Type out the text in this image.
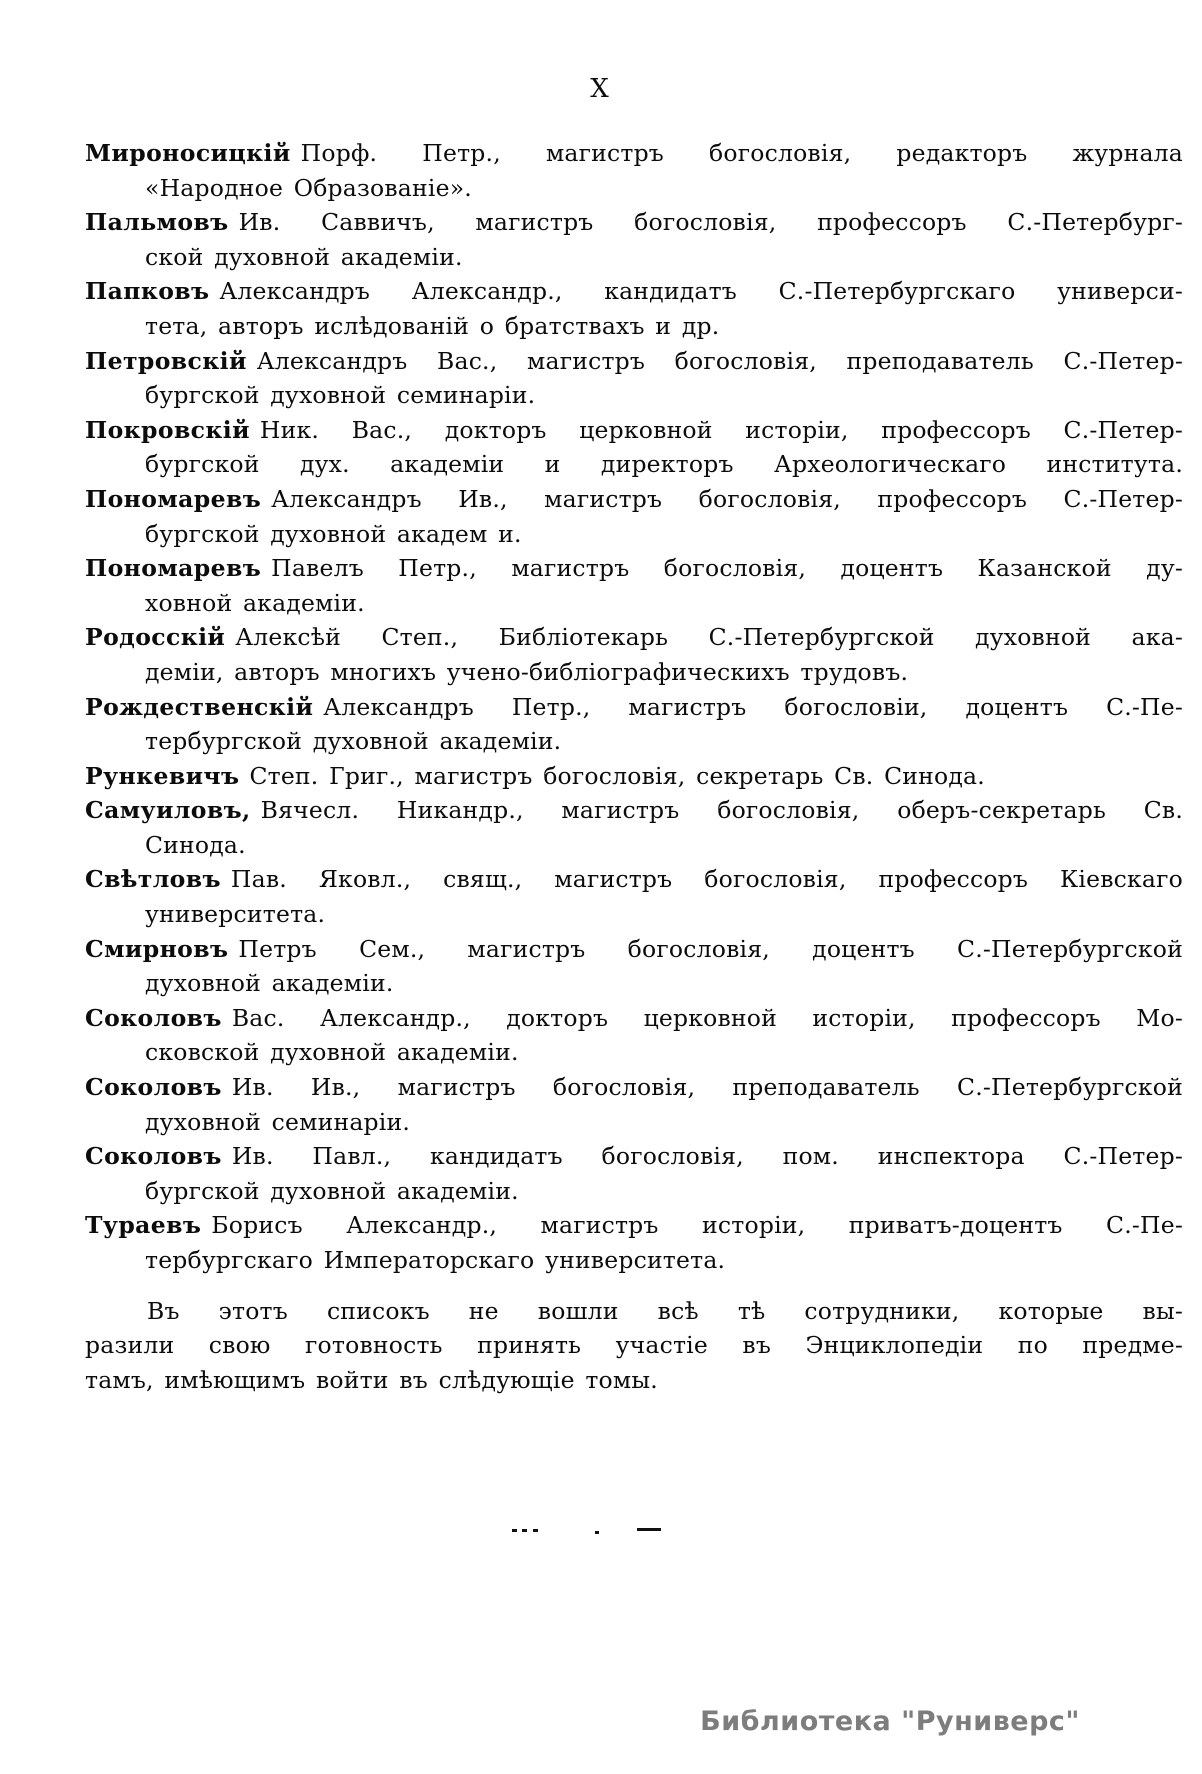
X
Мироносицкій Порф. Петр., магистръ богословія, редакторъ журнала
«Народное Образованіе».
Пальмовъ Ив. Саввичъ, магистръ богословія, профессоръ С.-Петербург-
ской духовной академіи.
Папковъ Александръ Александр., кандидатъ С.-Петербургскаго универси-
тета, авторъ ислѣдованій о братствахъ и др.
Петровскій Александръ Вас., магистръ богословія, преподаватель С.-Петер-
бургской духовной семинаріи.
Покровскій Ник. Вас., докторъ церковной исторіи, профессоръ С.-Петер-
бургской дух. академіи и директоръ Археологическаго института.
Пономаревъ Александръ Ив., магистръ богословія, профессоръ С.-Петер-
бургской духовной академ и.
Пономаревъ Павелъ Петр., магистръ богословія, доцентъ Казанской ду-
ховной академіи.
Родосскій Алексѣй Степ., Библіотекарь С.-Петербургской духовной ака-
деміи, авторъ многихъ учено-библіографическихъ трудовъ.
Рождественскій Александръ Петр., магистръ богословіи, доцентъ С.-Пе-
тербургской духовной академіи.
Рункевичъ Степ. Григ., магистръ богословія, секретарь Св. Синода.
Самуиловъ, Вячесл. Никандр., магистръ богословія, оберъ-секретарь Св.
Синода.
Свѣтловъ Пав. Яковл., свящ., магистръ богословія, профессоръ Кіевскаго
университета.
Смирновъ Петръ Сем., магистръ богословія, доцентъ С.-Петербургской
духовной академіи.
Соколовъ Вас. Александр., докторъ церковной исторіи, профессоръ Мо-
сковской духовной академіи.
Соколовъ Ив. Ив., магистръ богословія, преподаватель С.-Петербургской
духовной семинаріи.
Соколовъ Ив. Павл., кандидатъ богословія, пом. инспектора С.-Петер-
бургской духовной академіи.
Тураевъ Борисъ Александр., магистръ исторіи, приватъ-доцентъ С.-Пе-
тербургскаго Императорскаго университета.
Въ этотъ списокъ не вошли всѣ тѣ сотрудники, которые вы-
разили свою готовность принять участіе въ Энциклопедіи по предме-
тамъ, имѣющимъ войти въ слѣдующіе томы.
Библиотека "Руниверс"
